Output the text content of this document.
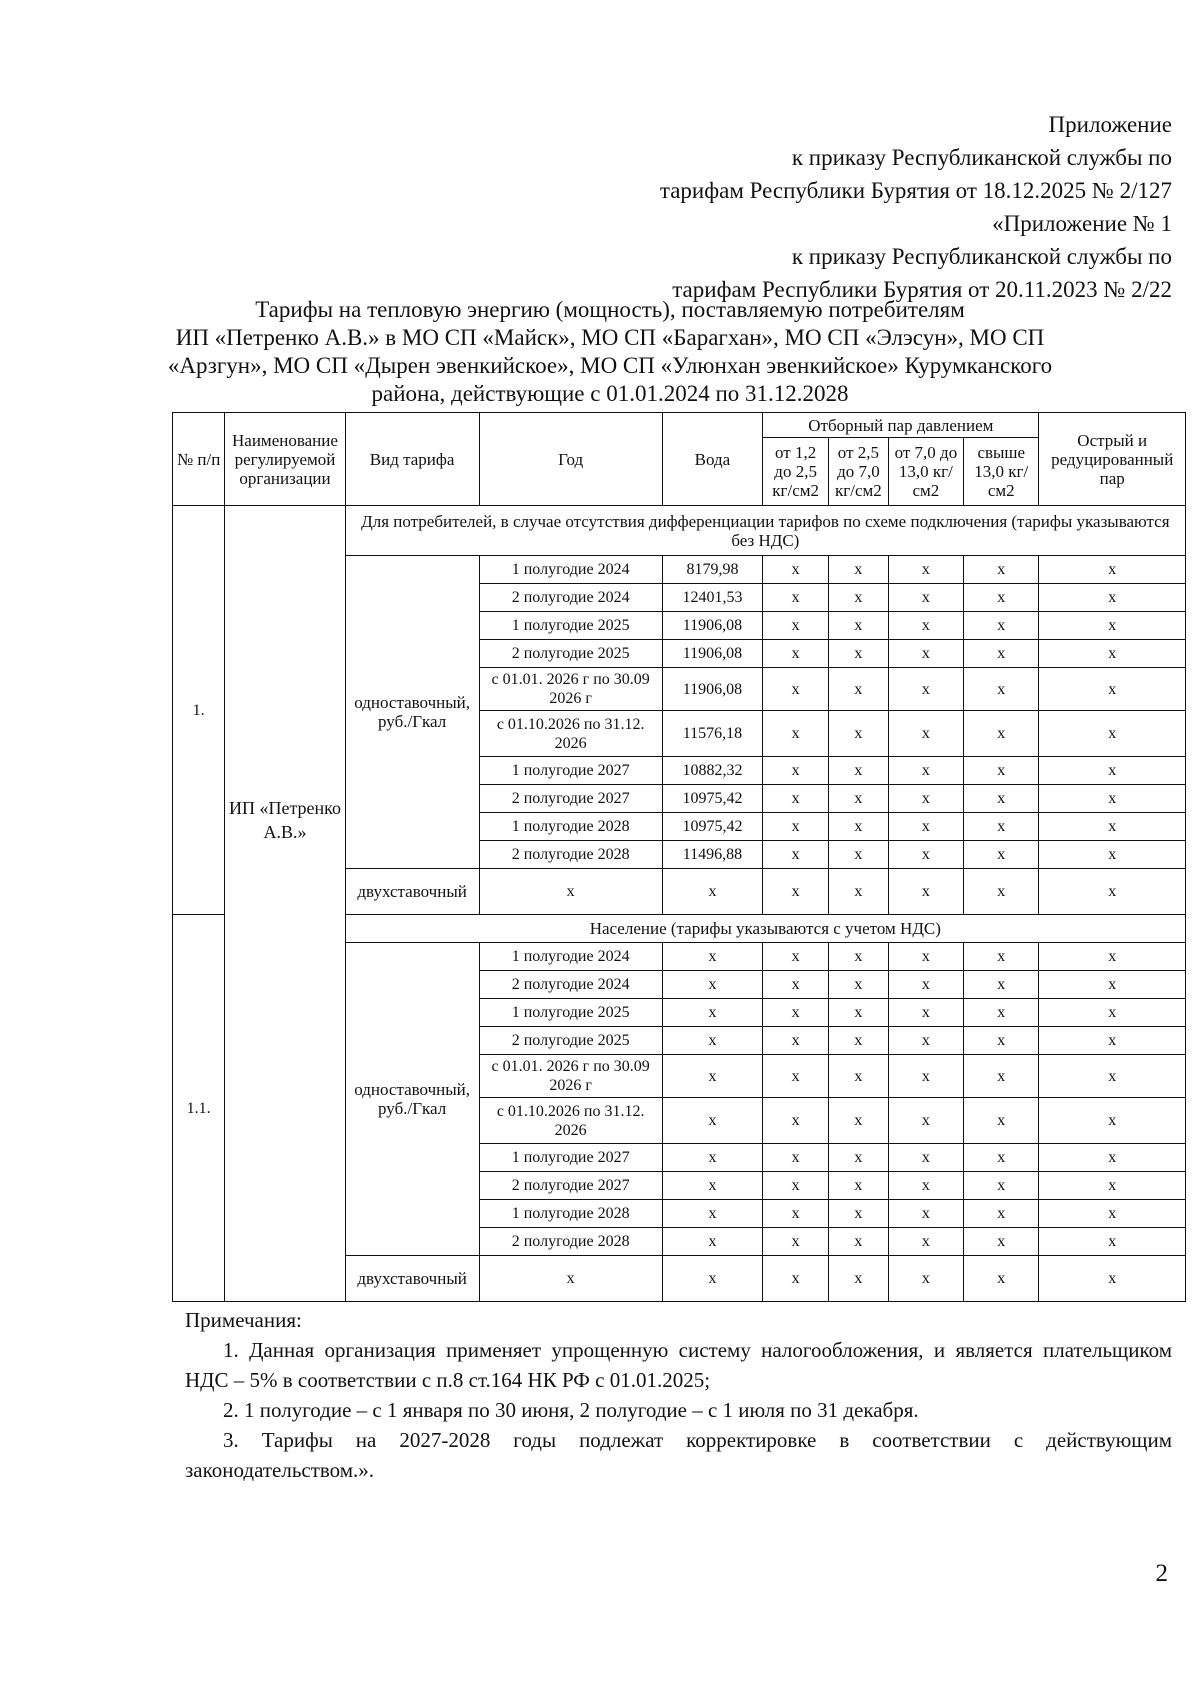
Приложение
к приказу Республиканской службы по
тарифам Республики Бурятия от 18.12.2025 № 2/127
«Приложение № 1
к приказу Республиканской службы по
тарифам Республики Бурятия от 20.11.2023 № 2/22
Тарифы на тепловую энергию (мощность), поставляемую потребителям
ИП «Петренко А.В.» в МО СП «Майск», МО СП «Барагхан», МО СП «Элэсун», МО СП
«Арзгун», МО СП «Дырен эвенкийское», МО СП «Улюнхан эвенкийское» Курумканского
района, действующие с 01.01.2024 по 31.12.2028
№ п/п	Наименование регулируемой организации	Вид тарифа	Год	Вода	Отборный пар давлением				Острый и редуцированный пар
					от 1,2 до 2,5 кг/см2	от 2,5 до 7,0 кг/см2	от 7,0 до 13,0 кг/см2	свыше 13,0 кг/см2	
1.	ИП «Петренко А.В.»	Для потребителей, в случае отсутствия дифференциации тарифов по схеме подключения (тарифы указываются без НДС)							
		одноставочный, руб./Гкал	1 полугодие 2024	8179,98	x	x	x	x	x
			2 полугодие 2024	12401,53	x	x	x	x	x
			1 полугодие 2025	11906,08	x	x	x	x	x
			2 полугодие 2025	11906,08	x	x	x	x	x
			с 01.01. 2026 г по 30.09 2026 г	11906,08	x	x	x	x	x
			с 01.10.2026 по 31.12. 2026	11576,18	x	x	x	x	x
			1 полугодие 2027	10882,32	x	x	x	x	x
			2 полугодие 2027	10975,42	x	x	x	x	x
			1 полугодие 2028	10975,42	x	x	x	x	x
			2 полугодие 2028	11496,88	x	x	x	x	x
		двухставочный	x	x	x	x	x	x	x
1.1.		Население (тарифы указываются с учетом НДС)							
		одноставочный, руб./Гкал	1 полугодие 2024	x	x	x	x	x	x
			2 полугодие 2024	x	x	x	x	x	x
			1 полугодие 2025	x	x	x	x	x	x
			2 полугодие 2025	x	x	x	x	x	x
			с 01.01. 2026 г по 30.09 2026 г	x	x	x	x	x	x
			с 01.10.2026 по 31.12. 2026	x	x	x	x	x	x
			1 полугодие 2027	x	x	x	x	x	x
			2 полугодие 2027	x	x	x	x	x	x
			1 полугодие 2028	x	x	x	x	x	x
			2 полугодие 2028	x	x	x	x	x	x
		двухставочный	x	x	x	x	x	x	x

Примечания:

1. Данная организация применяет упрощенную систему налогообложения, и является плательщиком НДС – 5% в соответствии с п.8 ст.164 НК РФ с 01.01.2025;

2. 1 полугодие – с 1 января по 30 июня, 2 полугодие – с 1 июля по 31 декабря.

3. Тарифы на 2027-2028 годы подлежат корректировке в соответствии с действующим законодательством.».

2
